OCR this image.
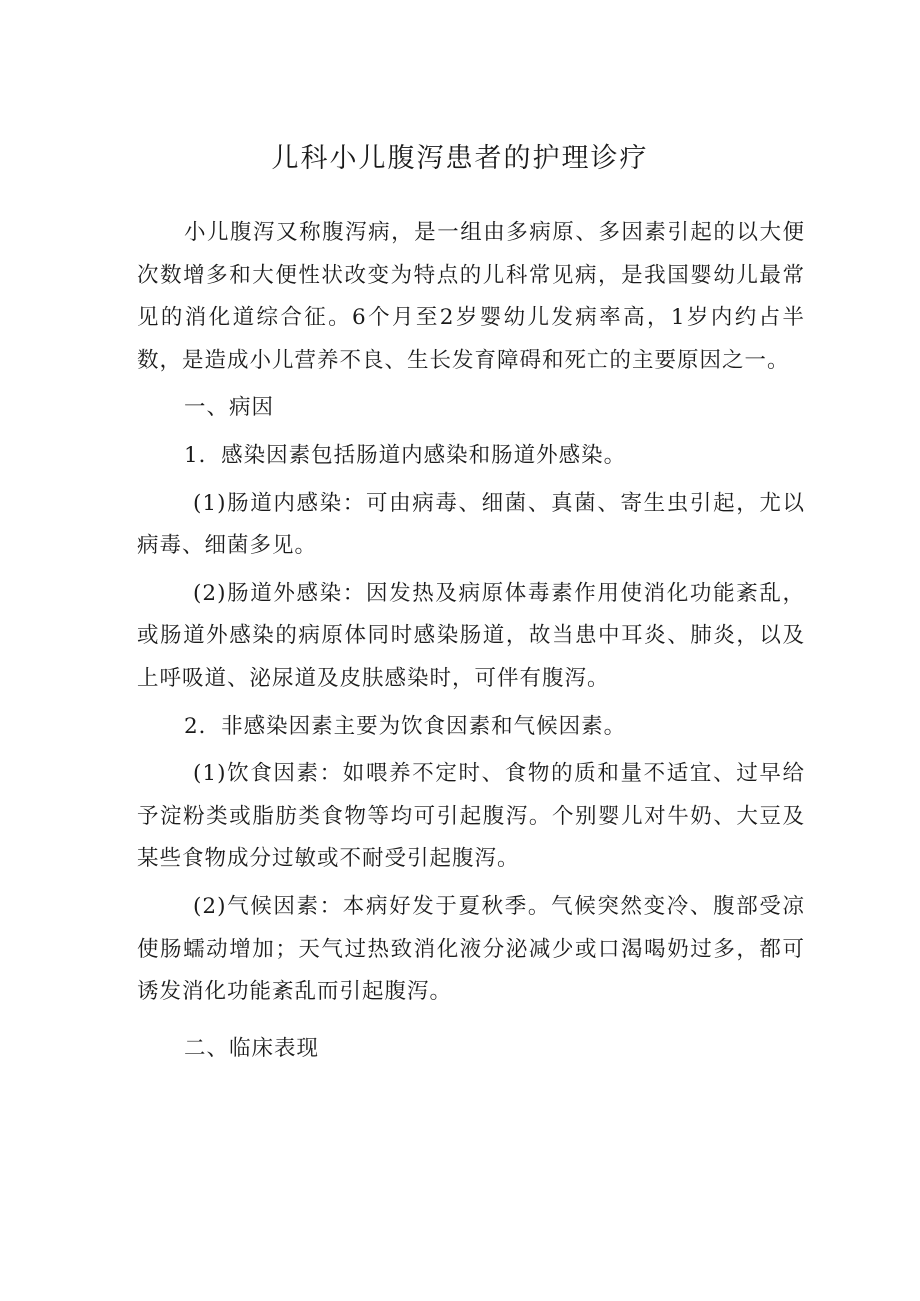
儿科小儿腹泻患者的护理诊疗

小儿腹泻又称腹泻病，是一组由多病原、多因素引起的以大便次数增多和大便性状改变为特点的儿科常见病，是我国婴幼儿最常见的消化道综合征。6个月至2岁婴幼儿发病率高，1岁内约占半数，是造成小儿营养不良、生长发育障碍和死亡的主要原因之一。

一、病因

1．感染因素包括肠道内感染和肠道外感染。

(1)肠道内感染：可由病毒、细菌、真菌、寄生虫引起，尤以病毒、细菌多见。

(2)肠道外感染：因发热及病原体毒素作用使消化功能紊乱，或肠道外感染的病原体同时感染肠道，故当患中耳炎、肺炎，以及上呼吸道、泌尿道及皮肤感染时，可伴有腹泻。

2．非感染因素主要为饮食因素和气候因素。

(1)饮食因素：如喂养不定时、食物的质和量不适宜、过早给予淀粉类或脂肪类食物等均可引起腹泻。个别婴儿对牛奶、大豆及某些食物成分过敏或不耐受引起腹泻。

(2)气候因素：本病好发于夏秋季。气候突然变冷、腹部受凉使肠蠕动增加；天气过热致消化液分泌减少或口渴喝奶过多，都可诱发消化功能紊乱而引起腹泻。

二、临床表现
